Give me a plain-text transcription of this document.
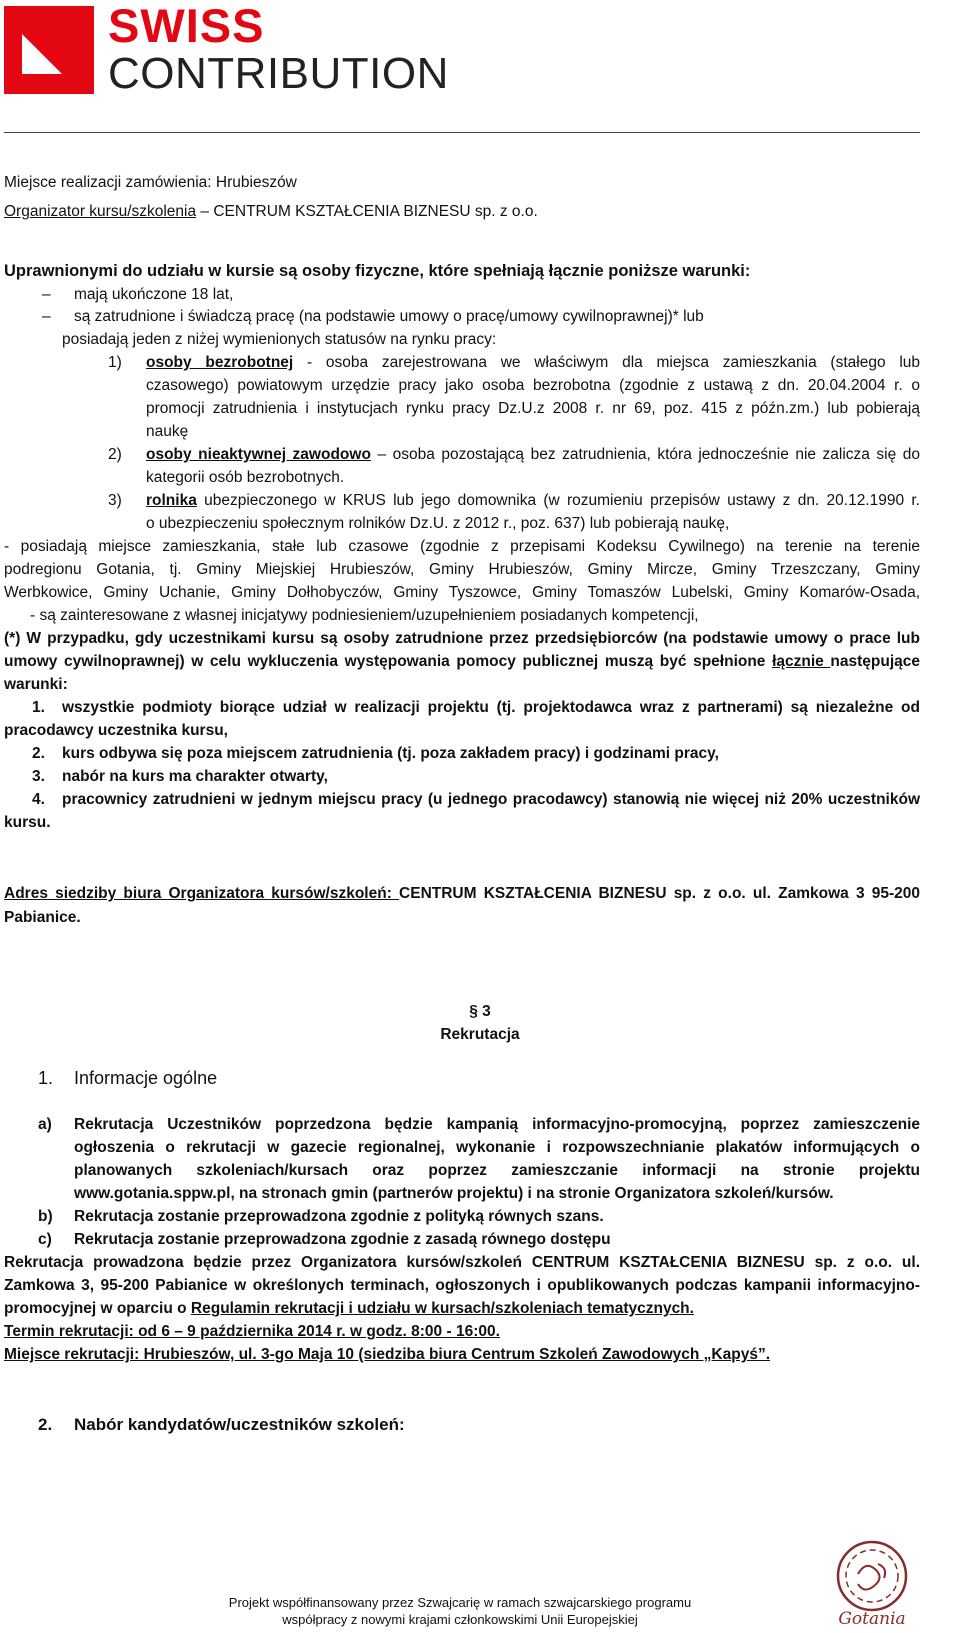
SWISS
CONTRIBUTION
Miejsce realizacji zamówienia: Hrubieszów
Organizator kursu/szkolenia – CENTRUM KSZTAŁCENIA BIZNESU sp. z o.o.
Uprawnionymi do udziału w kursie są osoby fizyczne, które spełniają łącznie poniższe warunki:
– mają ukończone 18 lat,
– są zatrudnione i świadczą pracę (na podstawie umowy o pracę/umowy cywilnoprawnej)* lub
posiadają jeden z niżej wymienionych statusów na rynku pracy:
1) osoby bezrobotnej - osoba zarejestrowana we właściwym dla miejsca zamieszkania (stałego lub
czasowego) powiatowym urzędzie pracy jako osoba bezrobotna (zgodnie z ustawą z dn. 20.04.2004 r. o
promocji zatrudnienia i instytucjach rynku pracy Dz.U.z 2008 r. nr 69, poz. 415 z późn.zm.) lub pobierają
naukę
2) osoby nieaktywnej zawodowo – osoba pozostającą bez zatrudnienia, która jednocześnie nie zalicza się do
kategorii osób bezrobotnych.
3) rolnika ubezpieczonego w KRUS lub jego domownika (w rozumieniu przepisów ustawy z dn. 20.12.1990 r.
o ubezpieczeniu społecznym rolników Dz.U. z 2012 r., poz. 637) lub pobierają naukę,
- posiadają miejsce zamieszkania, stałe lub czasowe (zgodnie z przepisami Kodeksu Cywilnego) na terenie na terenie
podregionu Gotania, tj. Gminy Miejskiej Hrubieszów, Gminy Hrubieszów, Gminy Mircze, Gminy Trzeszczany, Gminy
Werbkowice, Gminy Uchanie, Gminy Dołhobyczów, Gminy Tyszowce, Gminy Tomaszów Lubelski, Gminy Komarów-Osada,
- są zainteresowane z własnej inicjatywy podniesieniem/uzupełnieniem posiadanych kompetencji,
(*) W przypadku, gdy uczestnikami kursu są osoby zatrudnione przez przedsiębiorców (na podstawie umowy o prace lub
umowy cywilnoprawnej) w celu wykluczenia występowania pomocy publicznej muszą być spełnione łącznie następujące
warunki:
1. wszystkie podmioty biorące udział w realizacji projektu (tj. projektodawca wraz z partnerami) są niezależne od
pracodawcy uczestnika kursu,
2. kurs odbywa się poza miejscem zatrudnienia (tj. poza zakładem pracy) i godzinami pracy,
3. nabór na kurs ma charakter otwarty,
4. pracownicy zatrudnieni w jednym miejscu pracy (u jednego pracodawcy) stanowią nie więcej niż 20% uczestników
kursu.
Adres siedziby biura Organizatora kursów/szkoleń: CENTRUM KSZTAŁCENIA BIZNESU sp. z o.o. ul. Zamkowa 3 95-200
Pabianice.
§ 3
Rekrutacja
1. Informacje ogólne
a) Rekrutacja Uczestników poprzedzona będzie kampanią informacyjno-promocyjną, poprzez zamieszczenie
ogłoszenia o rekrutacji w gazecie regionalnej, wykonanie i rozpowszechnianie plakatów informujących o
planowanych szkoleniach/kursach oraz poprzez zamieszczanie informacji na stronie projektu
www.gotania.sppw.pl, na stronach gmin (partnerów projektu) i na stronie Organizatora szkoleń/kursów.
b) Rekrutacja zostanie przeprowadzona zgodnie z polityką równych szans.
c) Rekrutacja zostanie przeprowadzona zgodnie z zasadą równego dostępu
Rekrutacja prowadzona będzie przez Organizatora kursów/szkoleń CENTRUM KSZTAŁCENIA BIZNESU sp. z o.o. ul.
Zamkowa 3, 95-200 Pabianice w określonych terminach, ogłoszonych i opublikowanych podczas kampanii informacyjno-
promocyjnej w oparciu o Regulamin rekrutacji i udziału w kursach/szkoleniach tematycznych.
Termin rekrutacji: od 6 – 9 października 2014 r. w godz. 8:00 - 16:00.
Miejsce rekrutacji: Hrubieszów, ul. 3-go Maja 10 (siedziba biura Centrum Szkoleń Zawodowych „Kapyś”.
2. Nabór kandydatów/uczestników szkoleń:
Projekt współfinansowany przez Szwajcarię w ramach szwajcarskiego programu
współpracy z nowymi krajami członkowskimi Unii Europejskiej	Gotania
